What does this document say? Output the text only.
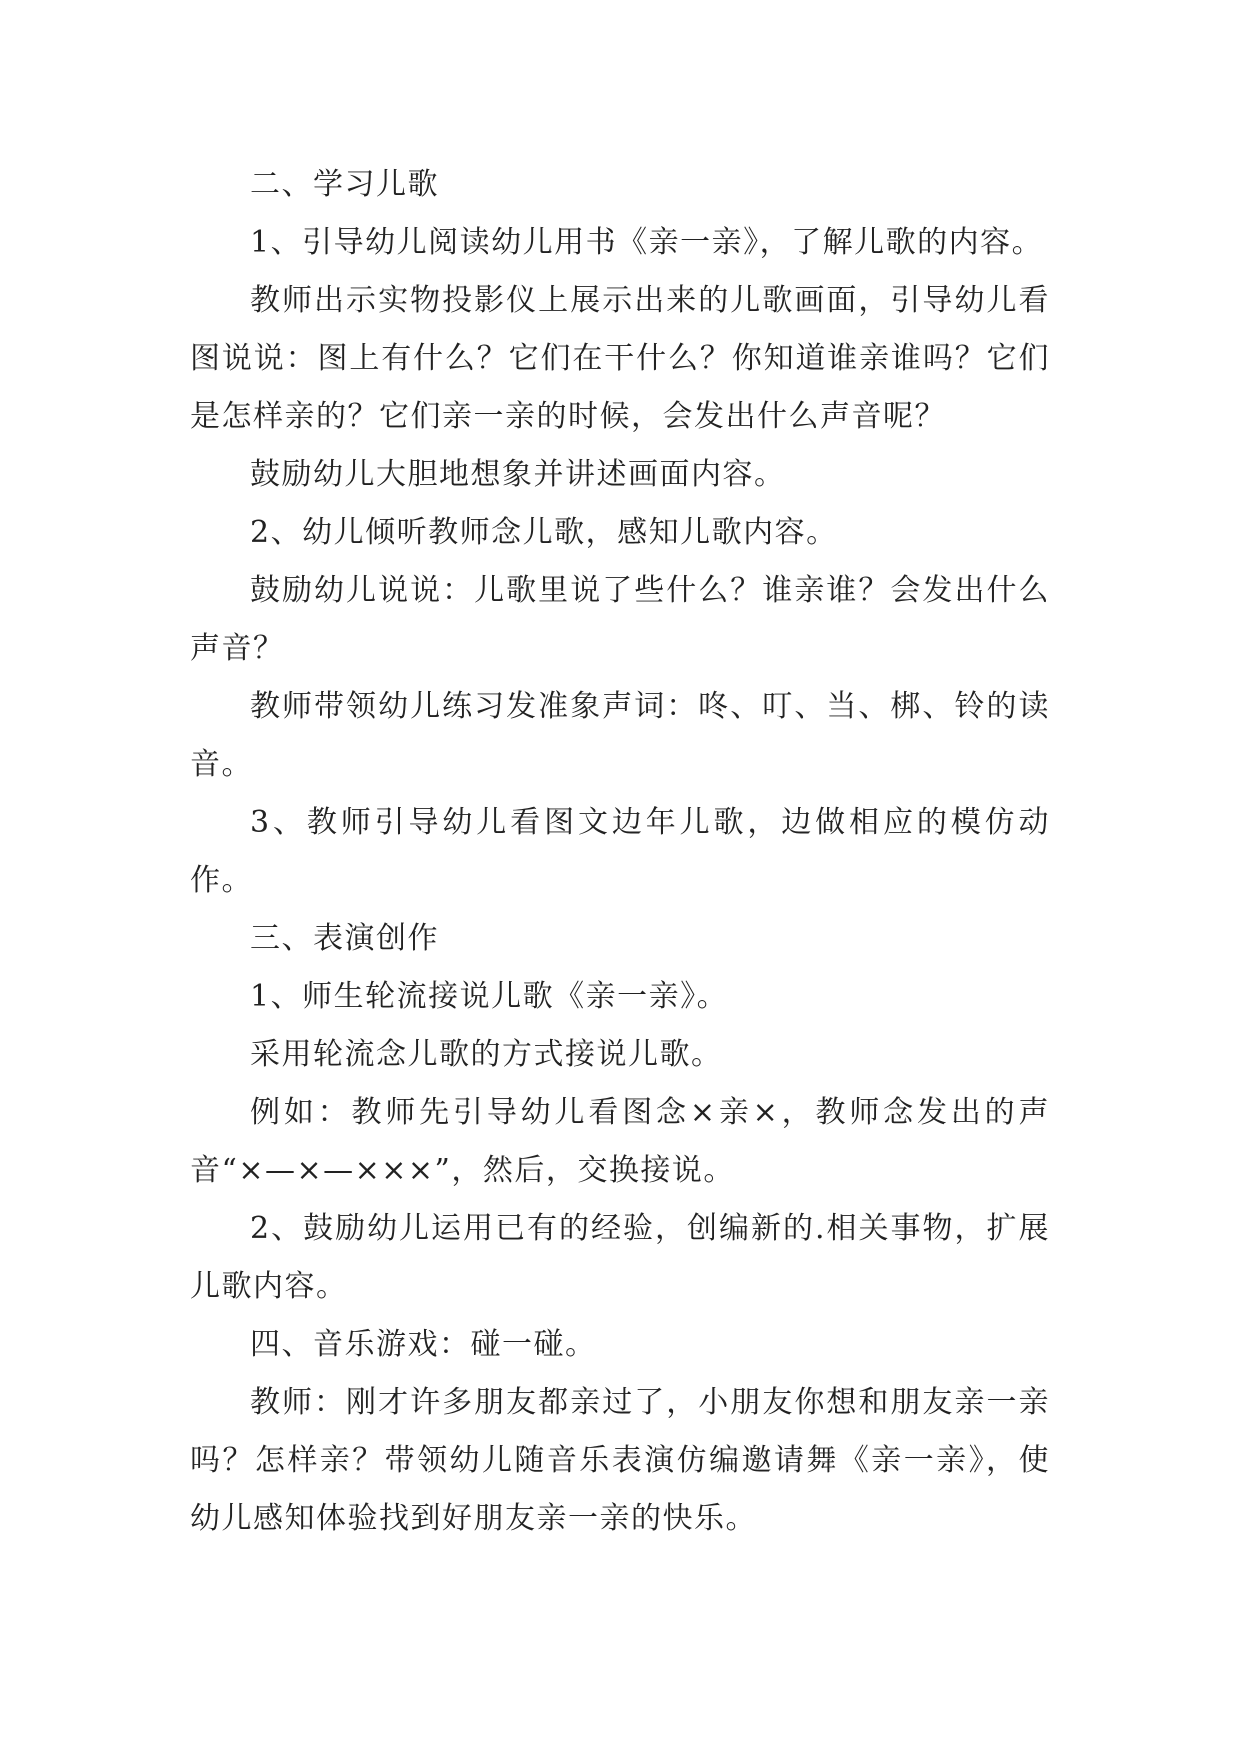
二、学习儿歌

1、引导幼儿阅读幼儿用书《亲一亲》，了解儿歌的内容。

教师出示实物投影仪上展示出来的儿歌画面，引导幼儿看图说说：图上有什么？它们在干什么？你知道谁亲谁吗？它们是怎样亲的？它们亲一亲的时候，会发出什么声音呢？

鼓励幼儿大胆地想象并讲述画面内容。

2、幼儿倾听教师念儿歌，感知儿歌内容。

鼓励幼儿说说：儿歌里说了些什么？谁亲谁？会发出什么声音？

教师带领幼儿练习发准象声词：咚、叮、当、梆、铃的读音。

3、教师引导幼儿看图文边年儿歌，边做相应的模仿动作。

三、表演创作

1、师生轮流接说儿歌《亲一亲》。

采用轮流念儿歌的方式接说儿歌。

例如：教师先引导幼儿看图念×亲×，教师念发出的声音“×—×—×××”，然后，交换接说。

2、鼓励幼儿运用已有的经验，创编新的.相关事物，扩展儿歌内容。

四、音乐游戏：碰一碰。

教师：刚才许多朋友都亲过了，小朋友你想和朋友亲一亲吗？怎样亲？带领幼儿随音乐表演仿编邀请舞《亲一亲》，使幼儿感知体验找到好朋友亲一亲的快乐。
